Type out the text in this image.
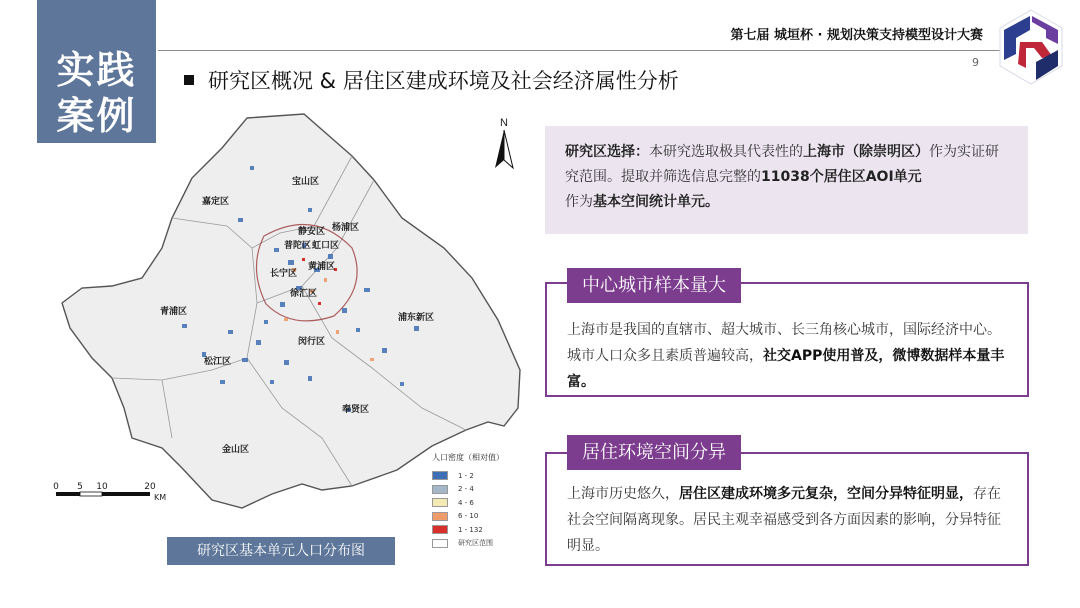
实践
案例
第七届 城垣杯 · 规划决策支持模型设计大赛
9
研究区概况 & 居住区建成环境及社会经济属性分析
宝山区
嘉定区
静安区 杨浦区
普陀区 虹口区
黄浦区
长宁区
徐汇区
青浦区
浦东新区
闵行区
松江区
奉贤区
金山区
N
0 5 10	20
KM
人口密度（相对值）
1 - 2
2 - 4
4 - 6
6 - 10
1 - 132
研究区范围
研究区基本单元人口分布图
研究区选择：本研究选取极具代表性的上海市（除崇明区）作为实证研究范围。提取并筛选信息完整的11038个居住区AOI单元
作为基本空间统计单元。
上海市是我国的直辖市、超大城市、长三角核心城市，国际经济中心。城市人口众多且素质普遍较高，社交APP使用普及，微博数据样本量丰富。
中心城市样本量大
上海市历史悠久，居住区建成环境多元复杂，空间分异特征明显，存在社会空间隔离现象。居民主观幸福感受到各方面因素的影响，分异特征明显。
居住环境空间分异
